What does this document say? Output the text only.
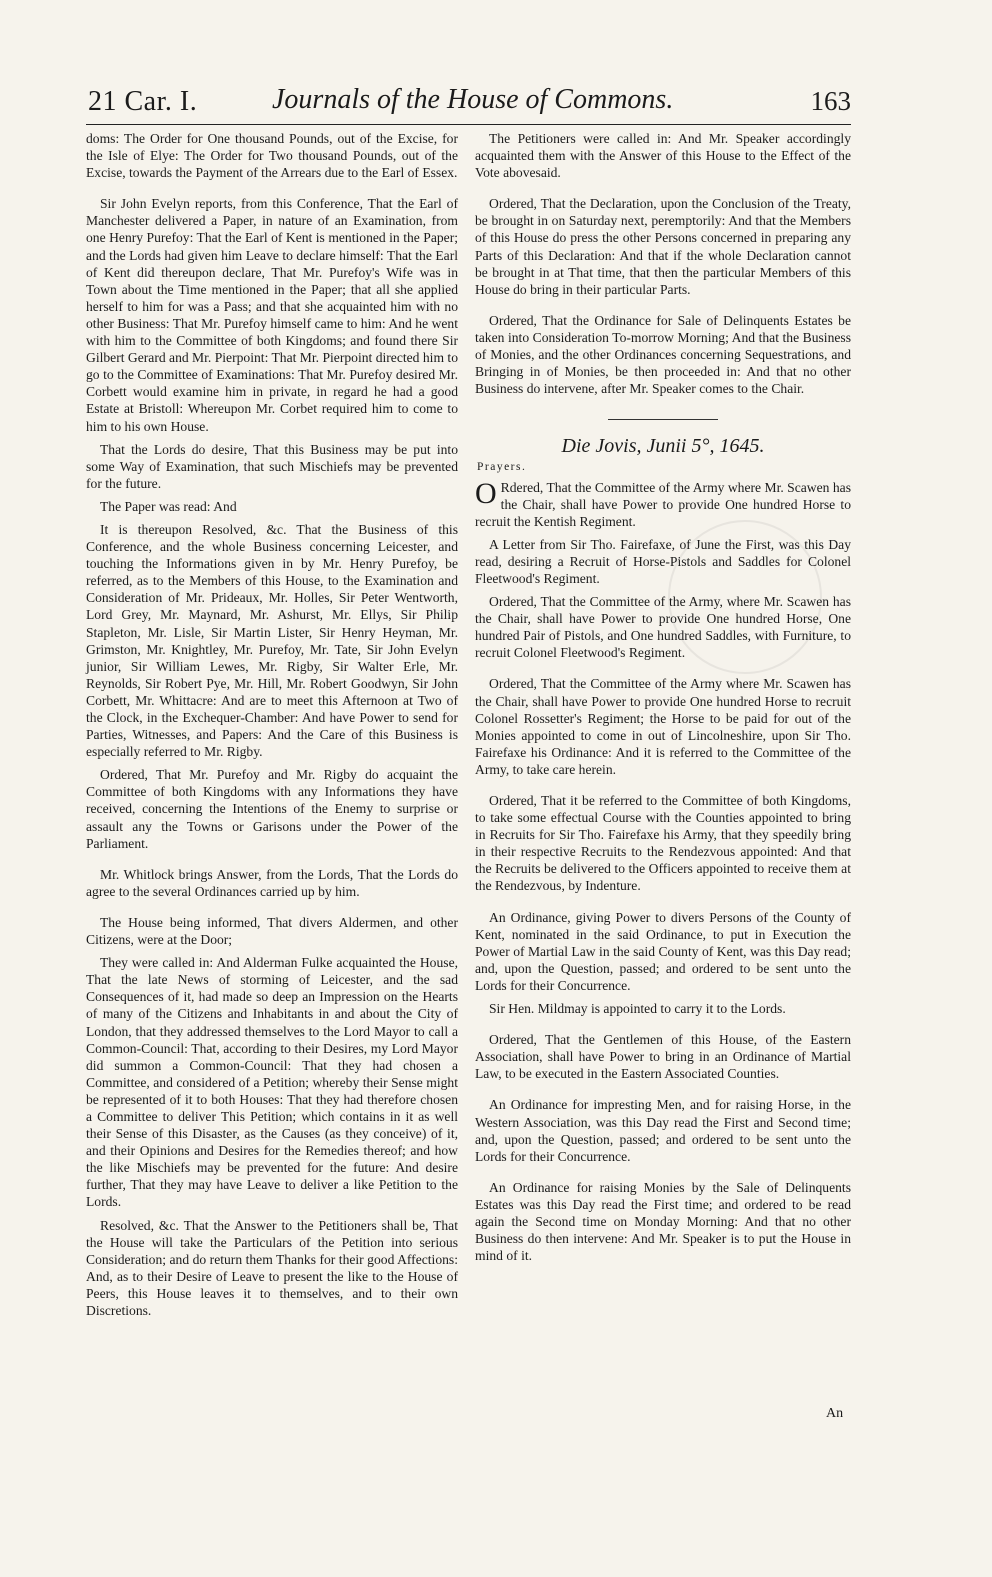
21 Car. I.	Journals of the House of Commons.	163

doms: The Order for One thousand Pounds, out of the Excise, for the Isle of Elye: The Order for Two thousand Pounds, out of the Excise, towards the Payment of the Arrears due to the Earl of Essex.

Sir John Evelyn reports, from this Conference, That the Earl of Manchester delivered a Paper, in nature of an Examination, from one Henry Purefoy: That the Earl of Kent is mentioned in the Paper; and the Lords had given him Leave to declare himself: That the Earl of Kent did thereupon declare, That Mr. Purefoy's Wife was in Town about the Time mentioned in the Paper; that all she applied herself to him for was a Pass; and that she acquainted him with no other Business: That Mr. Purefoy himself came to him: And he went with him to the Committee of both Kingdoms; and found there Sir Gilbert Gerard and Mr. Pierpoint: That Mr. Pierpoint directed him to go to the Committee of Examinations: That Mr. Purefoy desired Mr. Corbett would examine him in private, in regard he had a good Estate at Bristoll: Whereupon Mr. Corbet required him to come to him to his own House.

That the Lords do desire, That this Business may be put into some Way of Examination, that such Mischiefs may be prevented for the future.

The Paper was read: And

It is thereupon Resolved, &c. That the Business of this Conference, and the whole Business concerning Leicester, and touching the Informations given in by Mr. Henry Purefoy, be referred, as to the Members of this House, to the Examination and Consideration of Mr. Prideaux, Mr. Holles, Sir Peter Wentworth, Lord Grey, Mr. Maynard, Mr. Ashurst, Mr. Ellys, Sir Philip Stapleton, Mr. Lisle, Sir Martin Lister, Sir Henry Heyman, Mr. Grimston, Mr. Knightley, Mr. Purefoy, Mr. Tate, Sir John Evelyn junior, Sir William Lewes, Mr. Rigby, Sir Walter Erle, Mr. Reynolds, Sir Robert Pye, Mr. Hill, Mr. Robert Goodwyn, Sir John Corbett, Mr. Whittacre: And are to meet this Afternoon at Two of the Clock, in the Exchequer-Chamber: And have Power to send for Parties, Witnesses, and Papers: And the Care of this Business is especially referred to Mr. Rigby.

Ordered, That Mr. Purefoy and Mr. Rigby do acquaint the Committee of both Kingdoms with any Informations they have received, concerning the Intentions of the Enemy to surprise or assault any the Towns or Garisons under the Power of the Parliament.

Mr. Whitlock brings Answer, from the Lords, That the Lords do agree to the several Ordinances carried up by him.

The House being informed, That divers Aldermen, and other Citizens, were at the Door;

They were called in: And Alderman Fulke acquainted the House, That the late News of storming of Leicester, and the sad Consequences of it, had made so deep an Impression on the Hearts of many of the Citizens and Inhabitants in and about the City of London, that they addressed themselves to the Lord Mayor to call a Common-Council: That, according to their Desires, my Lord Mayor did summon a Common-Council: That they had chosen a Committee, and considered of a Petition; whereby their Sense might be represented of it to both Houses: That they had therefore chosen a Committee to deliver This Petition; which contains in it as well their Sense of this Disaster, as the Causes (as they conceive) of it, and their Opinions and Desires for the Remedies thereof; and how the like Mischiefs may be prevented for the future: And desire further, That they may have Leave to deliver a like Petition to the Lords.

Resolved, &c. That the Answer to the Petitioners shall be, That the House will take the Particulars of the Petition into serious Consideration; and do return them Thanks for their good Affections: And, as to their Desire of Leave to present the like to the House of Peers, this House leaves it to themselves, and to their own Discretions.

The Petitioners were called in: And Mr. Speaker accordingly acquainted them with the Answer of this House to the Effect of the Vote abovesaid.

Ordered, That the Declaration, upon the Conclusion of the Treaty, be brought in on Saturday next, peremptorily: And that the Members of this House do press the other Persons concerned in preparing any Parts of this Declaration: And that if the whole Declaration cannot be brought in at That time, that then the particular Members of this House do bring in their particular Parts.

Ordered, That the Ordinance for Sale of Delinquents Estates be taken into Consideration To-morrow Morning; And that the Business of Monies, and the other Ordinances concerning Sequestrations, and Bringing in of Monies, be then proceeded in: And that no other Business do intervene, after Mr. Speaker comes to the Chair.

Die Jovis, Junii 5°, 1645.
Prayers.

O Rdered, That the Committee of the Army where Mr. Scawen has the Chair, shall have Power to provide One hundred Horse to recruit the Kentish Regiment.

A Letter from Sir Tho. Fairefaxe, of June the First, was this Day read, desiring a Recruit of Horse-Pistols and Saddles for Colonel Fleetwood's Regiment.

Ordered, That the Committee of the Army, where Mr. Scawen has the Chair, shall have Power to provide One hundred Horse, One hundred Pair of Pistols, and One hundred Saddles, with Furniture, to recruit Colonel Fleetwood's Regiment.

Ordered, That the Committee of the Army where Mr. Scawen has the Chair, shall have Power to provide One hundred Horse to recruit Colonel Rossetter's Regiment; the Horse to be paid for out of the Monies appointed to come in out of Lincolneshire, upon Sir Tho. Fairefaxe his Ordinance: And it is referred to the Committee of the Army, to take care herein.

Ordered, That it be referred to the Committee of both Kingdoms, to take some effectual Course with the Counties appointed to bring in Recruits for Sir Tho. Fairefaxe his Army, that they speedily bring in their respective Recruits to the Rendezvous appointed: And that the Recruits be delivered to the Officers appointed to receive them at the Rendezvous, by Indenture.

An Ordinance, giving Power to divers Persons of the County of Kent, nominated in the said Ordinance, to put in Execution the Power of Martial Law in the said County of Kent, was this Day read; and, upon the Question, passed; and ordered to be sent unto the Lords for their Concurrence.

Sir Hen. Mildmay is appointed to carry it to the Lords.

Ordered, That the Gentlemen of this House, of the Eastern Association, shall have Power to bring in an Ordinance of Martial Law, to be executed in the Eastern Associated Counties.

An Ordinance for impresting Men, and for raising Horse, in the Western Association, was this Day read the First and Second time; and, upon the Question, passed; and ordered to be sent unto the Lords for their Concurrence.

An Ordinance for raising Monies by the Sale of Delinquents Estates was this Day read the First time; and ordered to be read again the Second time on Monday Morning: And that no other Business do then intervene: And Mr. Speaker is to put the House in mind of it.

An
